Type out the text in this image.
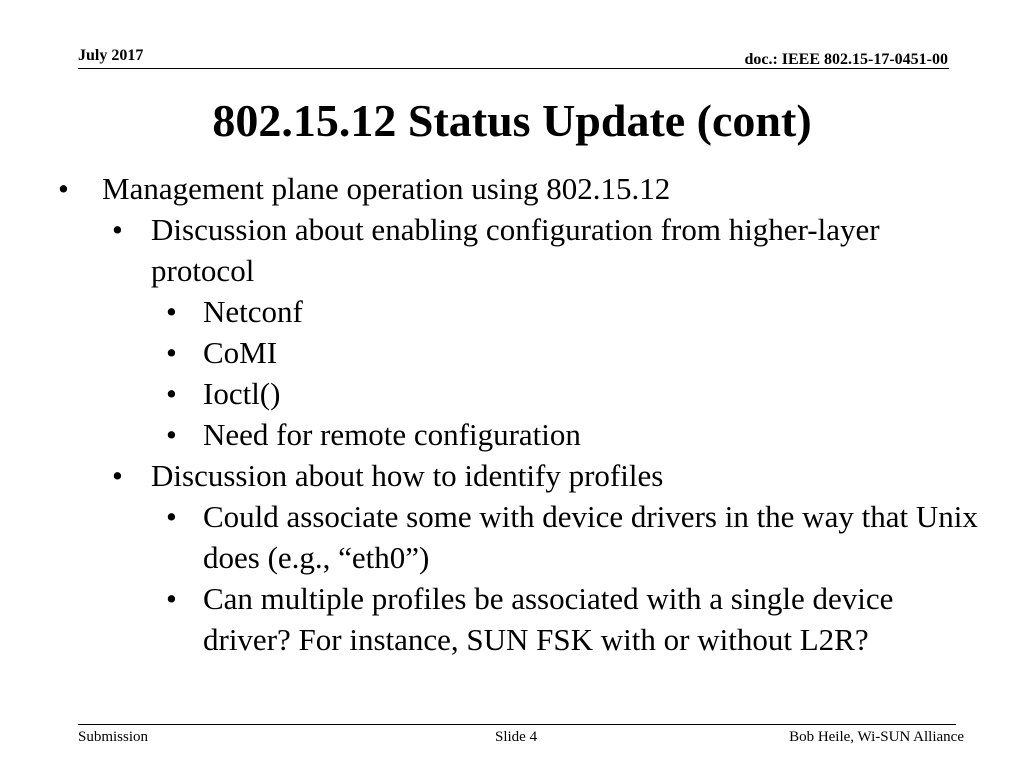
July 2017	doc.: IEEE 802.15-17-0451-00
802.15.12 Status Update (cont)
• Management plane operation using 802.15.12
• Discussion about enabling configuration from higher-layer protocol
• Netconf
• CoMI
• Ioctl()
• Need for remote configuration
• Discussion about how to identify profiles
• Could associate some with device drivers in the way that Unix does (e.g., “eth0”)
• Can multiple profiles be associated with a single device driver? For instance, SUN FSK with or without L2R?
Submission	Slide 4	Bob Heile, Wi-SUN Alliance
